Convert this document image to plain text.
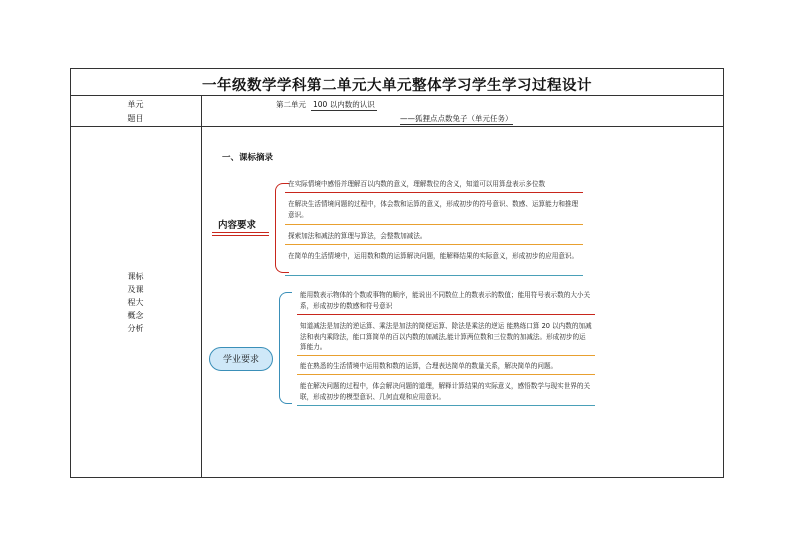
一年级数学学科第二单元大单元整体学习学生学习过程设计
单元
题目
第二单元 100 以内数的认识
——狐狸点点数兔子（单元任务）
课标
及课
程大
概念
分析
一、课标摘录
内容要求
在实际情境中感悟并理解百以内数的意义，理解数位的含义，知道可以用算盘表示多位数
在解决生活情境问题的过程中，体会数和运算的意义，形成初步的符号意识、数感、运算能力和推理意识。
探索加法和减法的算理与算法，会整数加减法。
在简单的生活情境中，运用数和数的运算解决问题，能解释结果的实际意义，形成初步的应用意识。
学业要求
能用数表示物体的个数或事物的顺序，能说出不同数位上的数表示的数值；能用符号表示数的大小关系，形成初步的数感和符号意识
知道减法是加法的逆运算、乘法是加法的简便运算、除法是乘法的逆运 能熟练口算 20 以内数的加减法和表内乘除法，能口算简单的百以内数的加减法,能计算两位数和三位数的加减法。形成初步的运算能力。
能在熟悉的生活情境中运用数和数的运算，合理表达简单的数量关系，解决简单的问题。
能在解决问题的过程中，体会解决问题的道理，解释计算结果的实际意义，感悟数学与现实世界的关联，形成初步的模型意识、几何直观和应用意识。
